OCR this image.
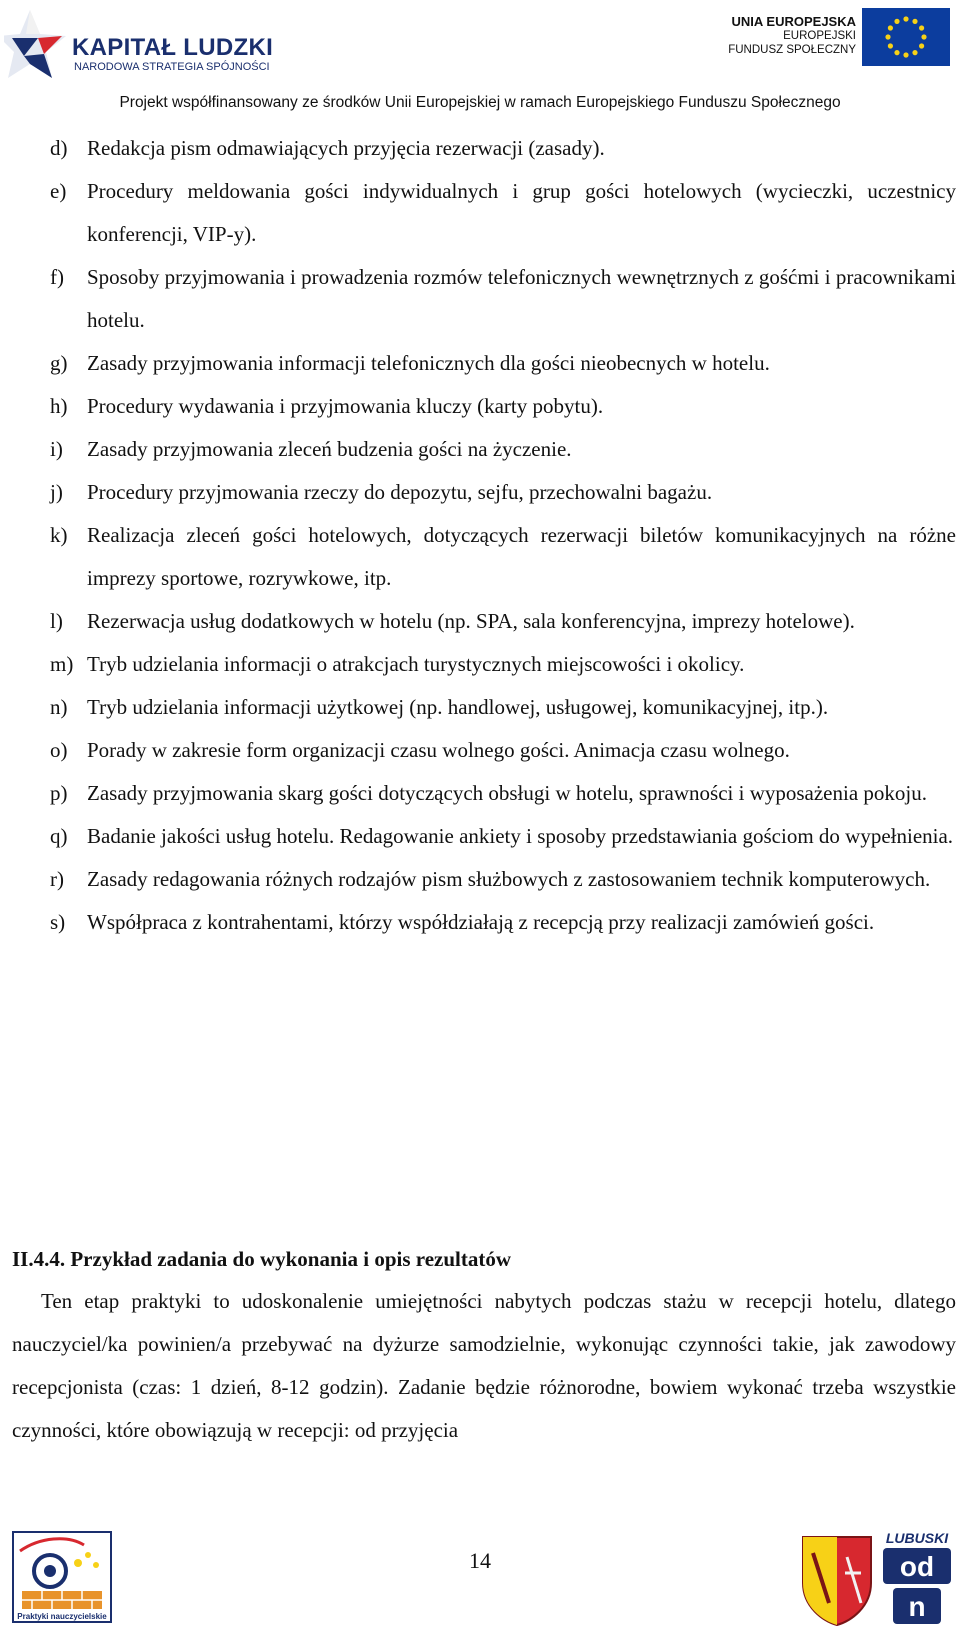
KAPITAŁ LUDZKI
NARODOWA STRATEGIA SPÓJNOŚCI
UNIA EUROPEJSKA
EUROPEJSKI
FUNDUSZ SPOŁECZNY
Projekt współfinansowany ze środków Unii Europejskiej w ramach Europejskiego Funduszu Społecznego
d) Redakcja pism odmawiających przyjęcia rezerwacji (zasady).
e) Procedury meldowania gości indywidualnych i grup gości hotelowych (wycieczki, uczestnicy konferencji, VIP-y).
f) Sposoby przyjmowania i prowadzenia rozmów telefonicznych wewnętrznych z gośćmi i pracownikami hotelu.
g) Zasady przyjmowania informacji telefonicznych dla gości nieobecnych w hotelu.
h) Procedury wydawania i przyjmowania kluczy (karty pobytu).
i) Zasady przyjmowania zleceń budzenia gości na życzenie.
j) Procedury przyjmowania rzeczy do depozytu, sejfu, przechowalni bagażu.
k) Realizacja zleceń gości hotelowych, dotyczących rezerwacji biletów komunikacyjnych na różne imprezy sportowe, rozrywkowe, itp.
l) Rezerwacja usług dodatkowych w hotelu (np. SPA, sala konferencyjna, imprezy hotelowe).
m) Tryb udzielania informacji o atrakcjach turystycznych miejscowości i okolicy.
n) Tryb udzielania informacji użytkowej (np. handlowej, usługowej, komunikacyjnej, itp.).
o) Porady w zakresie form organizacji czasu wolnego gości. Animacja czasu wolnego.
p) Zasady przyjmowania skarg gości dotyczących obsługi w hotelu, sprawności i wyposażenia pokoju.
q) Badanie jakości usług hotelu. Redagowanie ankiety i sposoby przedstawiania gościom do wypełnienia.
r) Zasady redagowania różnych rodzajów pism służbowych z zastosowaniem technik komputerowych.
s) Współpraca z kontrahentami, którzy współdziałają z recepcją przy realizacji zamówień gości.
II.4.4. Przykład zadania do wykonania i opis rezultatów

Ten etap praktyki to udoskonalenie umiejętności nabytych podczas stażu w recepcji hotelu, dlatego nauczyciel/ka powinien/a przebywać na dyżurze samodzielnie, wykonując czynności takie, jak zawodowy recepcjonista (czas: 1 dzień, 8-12 godzin). Zadanie będzie różnorodne, bowiem wykonać trzeba wszystkie czynności, które obowiązują w recepcji: od przyjęcia

Praktyki nauczycielskie
14
LUBUSKI
od
n
